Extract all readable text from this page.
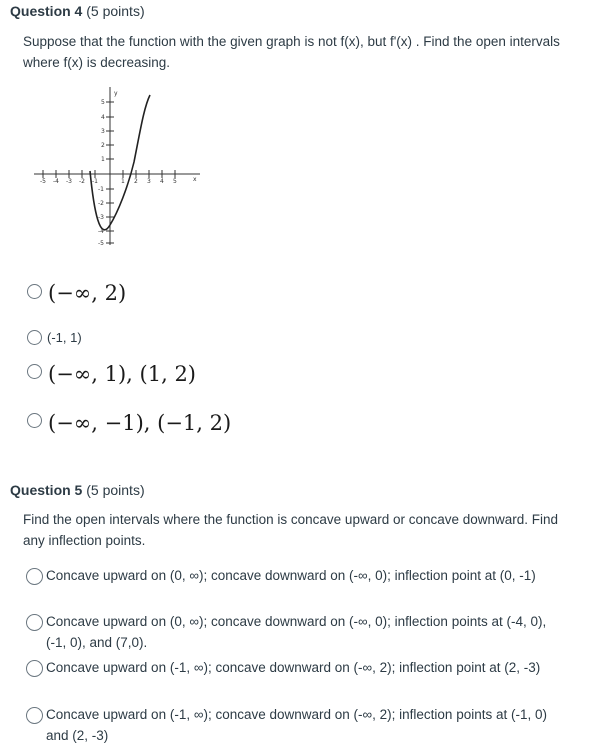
Question 4 (5 points)
Suppose that the function with the given graph is not f(x), but f'(x) . Find the open intervals where f(x) is decreasing.
y
x
-5 -4 -3 -2 -1	1 2 3 4 5
5
4
3
2
1
-1
-2
-3
-4
-5
(−∞, 2)
(-1, 1)
(−∞, 1), (1, 2)
(−∞, −1), (−1, 2)
Question 5 (5 points)
Find the open intervals where the function is concave upward or concave downward. Find any inflection points.
Concave upward on (0, ∞); concave downward on (-∞, 0); inflection point at (0, -1)
Concave upward on (0, ∞); concave downward on (-∞, 0); inflection points at (-4, 0), (-1, 0), and (7,0).
Concave upward on (-1, ∞); concave downward on (-∞, 2); inflection point at (2, -3)
Concave upward on (-1, ∞); concave downward on (-∞, 2); inflection points at (-1, 0) and (2, -3)
